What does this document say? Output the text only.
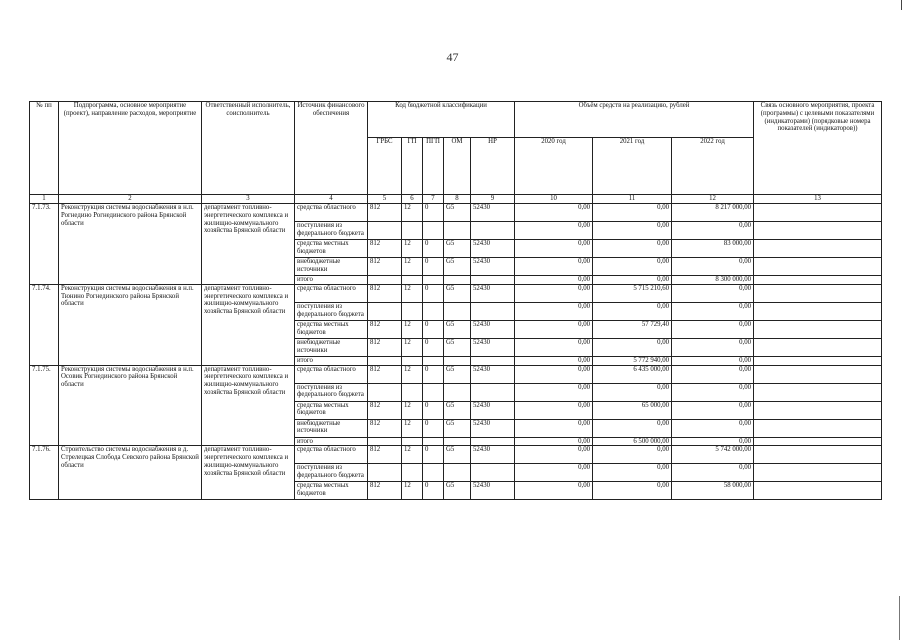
47
№ пп	Подпрограмма, основное мероприятие (проект), направление расходов, мероприятие	Ответственный исполнитель, соисполнитель	Источник финансового обеспечения	Код бюджетной классификации					Объём средств на реализацию, рублей			Связь основного мероприятия, проекта (программы) с целевыми показателями (индикаторами) (порядковые номера показателей (индикаторов))
				ГРБС	ГП	ПГП	ОМ	НР	2020 год	2021 год	2022 год	
1	2	3	4	5	6	7	8	9	10	11	12	13
7.1.73.	Реконструкция системы водоснабжения в н.п. Рогнедино Рогнединского района Брянской области	департамент топливно-энергетического комплекса и жилищно-коммунального хозяйства Брянской области	средства областного	812	12	0	G5	52430	0,00	0,00	8 217 000,00	
			поступления из федерального бюджета						0,00	0,00	0,00	
			средства местных бюджетов	812	12	0	G5	52430	0,00	0,00	83 000,00	
			внебюджетные источники	812	12	0	G5	52430	0,00	0,00	0,00	
			итого						0,00	0,00	8 300 000,00	
7.1.74.	Реконструкция системы водоснабжения в н.п. Тюнино Рогнединского района Брянской области	департамент топливно-энергетического комплекса и жилищно-коммунального хозяйства Брянской области	средства областного	812	12	0	G5	52430	0,00	5 715 210,60	0,00	
			поступления из федерального бюджета						0,00	0,00	0,00	
			средства местных бюджетов	812	12	0	G5	52430	0,00	57 729,40	0,00	
			внебюджетные источники	812	12	0	G5	52430	0,00	0,00	0,00	
			итого						0,00	5 772 940,00	0,00	
7.1.75.	Реконструкция системы водоснабжения в н.п. Осовик Рогнединского района Брянской области	департамент топливно-энергетического комплекса и жилищно-коммунального хозяйства Брянской области	средства областного	812	12	0	G5	52430	0,00	6 435 000,00	0,00	
			поступления из федерального бюджета						0,00	0,00	0,00	
			средства местных бюджетов	812	12	0	G5	52430	0,00	65 000,00	0,00	
			внебюджетные источники	812	12	0	G5	52430	0,00	0,00	0,00	
			итого						0,00	6 500 000,00	0,00	
7.1.76.	Строительство системы водоснабжения в д. Стрелецкая Слобода Севского района Брянской области	департамент топливно-энергетического комплекса и жилищно-коммунального хозяйства Брянской области	средства областного	812	12	0	G5	52430	0,00	0,00	5 742 000,00	
			поступления из федерального бюджета						0,00	0,00	0,00	
			средства местных бюджетов	812	12	0	G5	52430	0,00	0,00	58 000,00	
